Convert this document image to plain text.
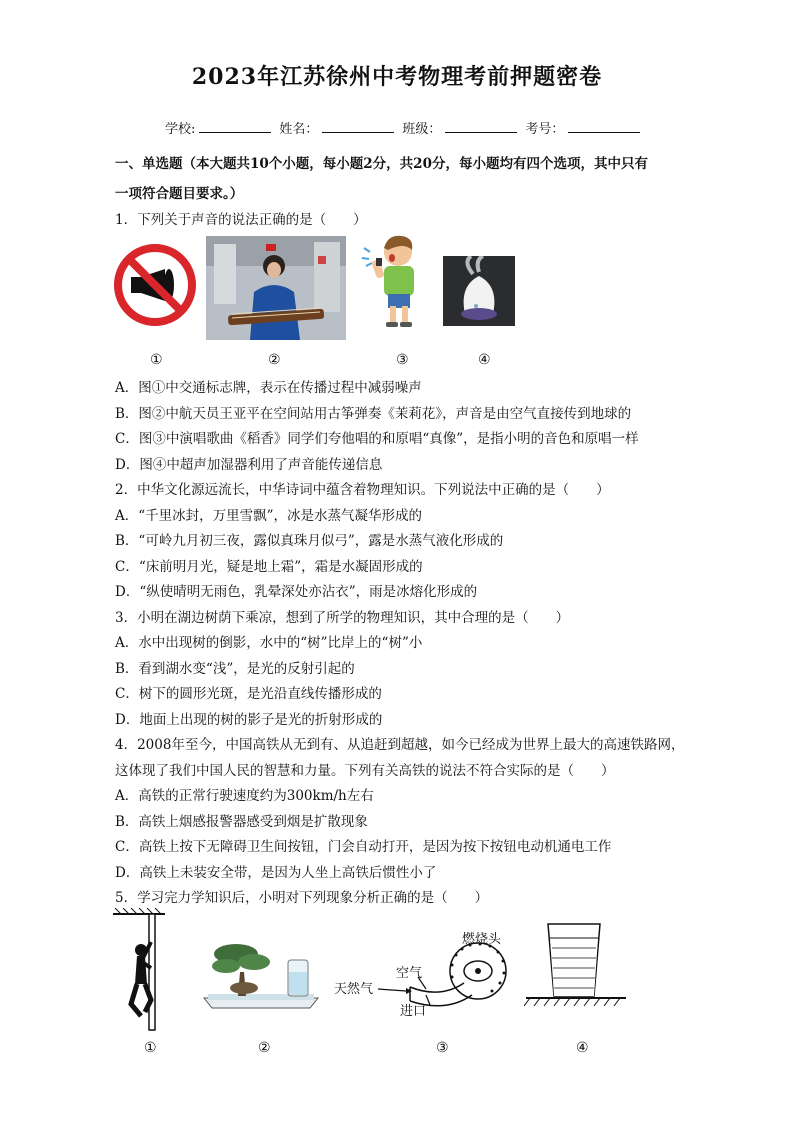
2023年江苏徐州中考物理考前押题密卷
学校:	姓名：	班级：	考号：
一、单选题（本大题共10个小题，每小题2分，共20分，每小题均有四个选项，其中只有
一项符合题目要求。）
1．下列关于声音的说法正确的是（　　）
①	②	③	④
A．图①中交通标志牌，表示在传播过程中减弱噪声
B．图②中航天员王亚平在空间站用古筝弹奏《茉莉花》，声音是由空气直接传到地球的
C．图③中演唱歌曲《稻香》同学们夸他唱的和原唱“真像”，是指小明的音色和原唱一样
D．图④中超声加湿器利用了声音能传递信息
2．中华文化源远流长，中华诗词中蕴含着物理知识。下列说法中正确的是（　　）
A．“千里冰封，万里雪飘”，冰是水蒸气凝华形成的
B．“可岭九月初三夜，露似真珠月似弓”，露是水蒸气液化形成的
C．“床前明月光，疑是地上霜”，霜是水凝固形成的
D．“纵使晴明无雨色，乳晕深处亦沾衣”，雨是冰熔化形成的
3．小明在湖边树荫下乘凉，想到了所学的物理知识，其中合理的是（　　）
A．水中出现树的倒影，水中的“树”比岸上的“树”小
B．看到湖水变“浅”，是光的反射引起的
C．树下的圆形光斑，是光沿直线传播形成的
D．地面上出现的树的影子是光的折射形成的
4．2008年至今，中国高铁从无到有、从追赶到超越，如今已经成为世界上最大的高速铁路网，
这体现了我们中国人民的智慧和力量。下列有关高铁的说法不符合实际的是（　　）
A．高铁的正常行驶速度约为300km/h左右
B．高铁上烟感报警器感受到烟是扩散现象
C．高铁上按下无障碍卫生间按钮，门会自动打开，是因为按下按钮电动机通电工作
D．高铁上未装安全带，是因为人坐上高铁后惯性小了
5．学习完力学知识后，小明对下列现象分析正确的是（　　）
燃烧头
空气
天然气
进口
①	②	③	④
